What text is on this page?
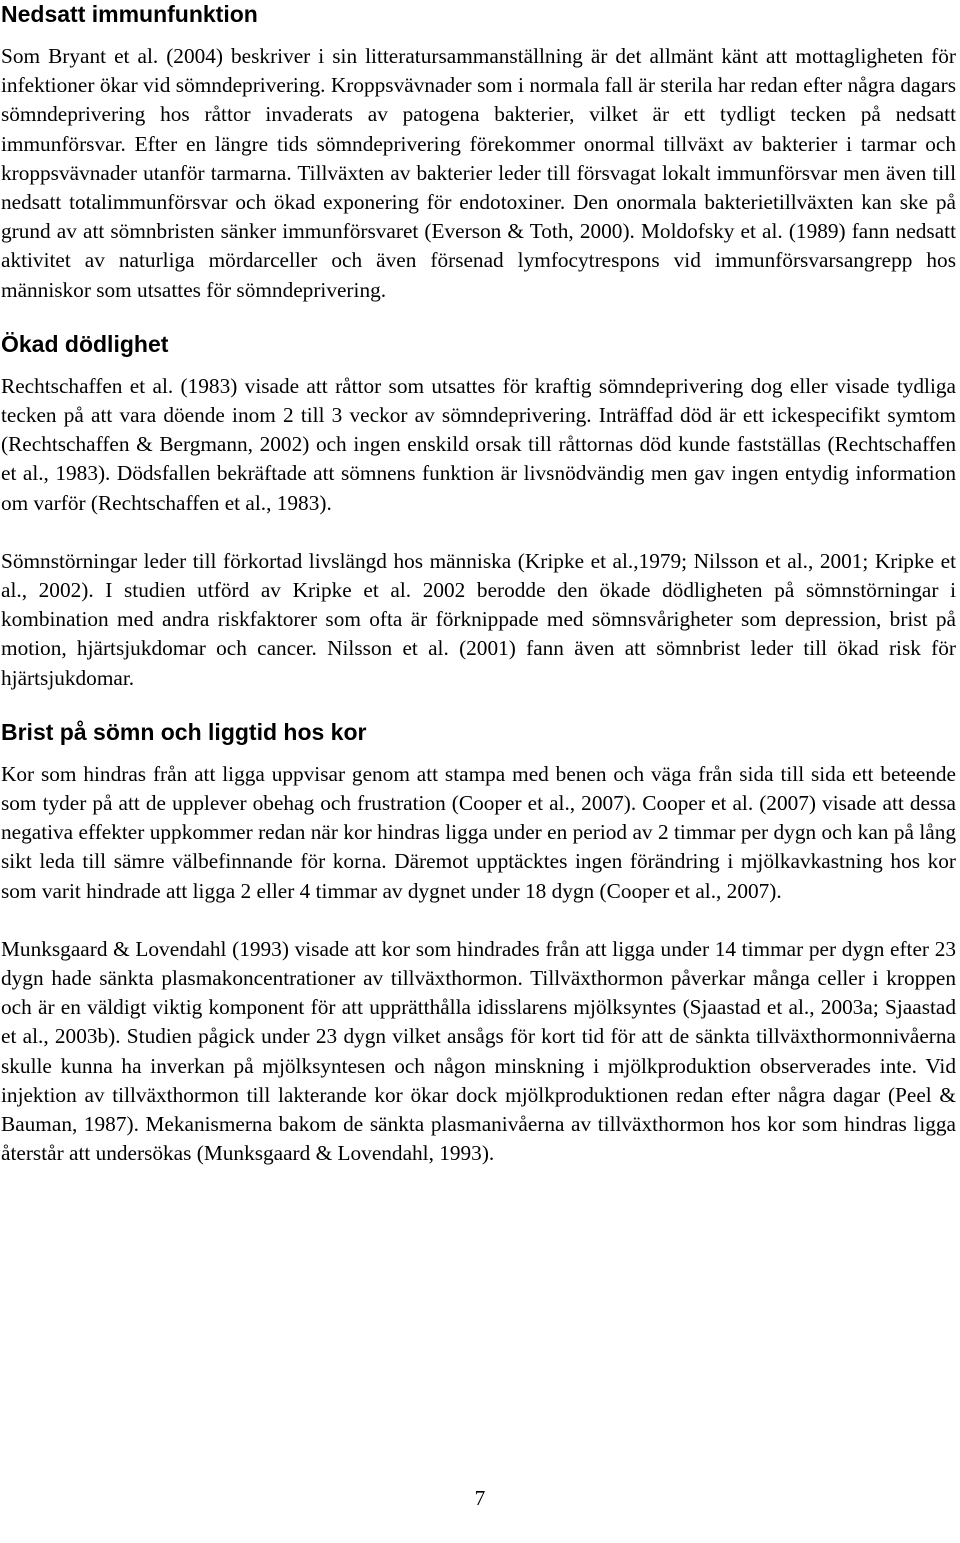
Nedsatt immunfunktion

Som Bryant et al. (2004) beskriver i sin litteratursammanställning är det allmänt känt att mottagligheten för infektioner ökar vid sömndeprivering. Kroppsvävnader som i normala fall är sterila har redan efter några dagars sömndeprivering hos råttor invaderats av patogena bakterier, vilket är ett tydligt tecken på nedsatt immunförsvar. Efter en längre tids sömndeprivering förekommer onormal tillväxt av bakterier i tarmar och kroppsvävnader utanför tarmarna. Tillväxten av bakterier leder till försvagat lokalt immunförsvar men även till nedsatt totalimmunförsvar och ökad exponering för endotoxiner. Den onormala bakterietillväxten kan ske på grund av att sömnbristen sänker immunförsvaret (Everson & Toth, 2000). Moldofsky et al. (1989) fann nedsatt aktivitet av naturliga mördarceller och även försenad lymfocytrespons vid immunförsvarsangrepp hos människor som utsattes för sömndeprivering.

Ökad dödlighet

Rechtschaffen et al. (1983) visade att råttor som utsattes för kraftig sömndeprivering dog eller visade tydliga tecken på att vara döende inom 2 till 3 veckor av sömndeprivering. Inträffad död är ett ickespecifikt symtom (Rechtschaffen & Bergmann, 2002) och ingen enskild orsak till råttornas död kunde fastställas (Rechtschaffen et al., 1983). Dödsfallen bekräftade att sömnens funktion är livsnödvändig men gav ingen entydig information om varför (Rechtschaffen et al., 1983).

Sömnstörningar leder till förkortad livslängd hos människa (Kripke et al.,1979; Nilsson et al., 2001; Kripke et al., 2002). I studien utförd av Kripke et al. 2002 berodde den ökade dödligheten på sömnstörningar i kombination med andra riskfaktorer som ofta är förknippade med sömnsvårigheter som depression, brist på motion, hjärtsjukdomar och cancer. Nilsson et al. (2001) fann även att sömnbrist leder till ökad risk för hjärtsjukdomar.

Brist på sömn och liggtid hos kor

Kor som hindras från att ligga uppvisar genom att stampa med benen och väga från sida till sida ett beteende som tyder på att de upplever obehag och frustration (Cooper et al., 2007). Cooper et al. (2007) visade att dessa negativa effekter uppkommer redan när kor hindras ligga under en period av 2 timmar per dygn och kan på lång sikt leda till sämre välbefinnande för korna. Däremot upptäcktes ingen förändring i mjölkavkastning hos kor som varit hindrade att ligga 2 eller 4 timmar av dygnet under 18 dygn (Cooper et al., 2007).

Munksgaard & Lovendahl (1993) visade att kor som hindrades från att ligga under 14 timmar per dygn efter 23 dygn hade sänkta plasmakoncentrationer av tillväxthormon. Tillväxthormon påverkar många celler i kroppen och är en väldigt viktig komponent för att upprätthålla idisslarens mjölksyntes (Sjaastad et al., 2003a; Sjaastad et al., 2003b). Studien pågick under 23 dygn vilket ansågs för kort tid för att de sänkta tillväxthormonnivåerna skulle kunna ha inverkan på mjölksyntesen och någon minskning i mjölkproduktion observerades inte. Vid injektion av tillväxthormon till lakterande kor ökar dock mjölkproduktionen redan efter några dagar (Peel & Bauman, 1987). Mekanismerna bakom de sänkta plasmanivåerna av tillväxthormon hos kor som hindras ligga återstår att undersökas (Munksgaard & Lovendahl, 1993).

7
